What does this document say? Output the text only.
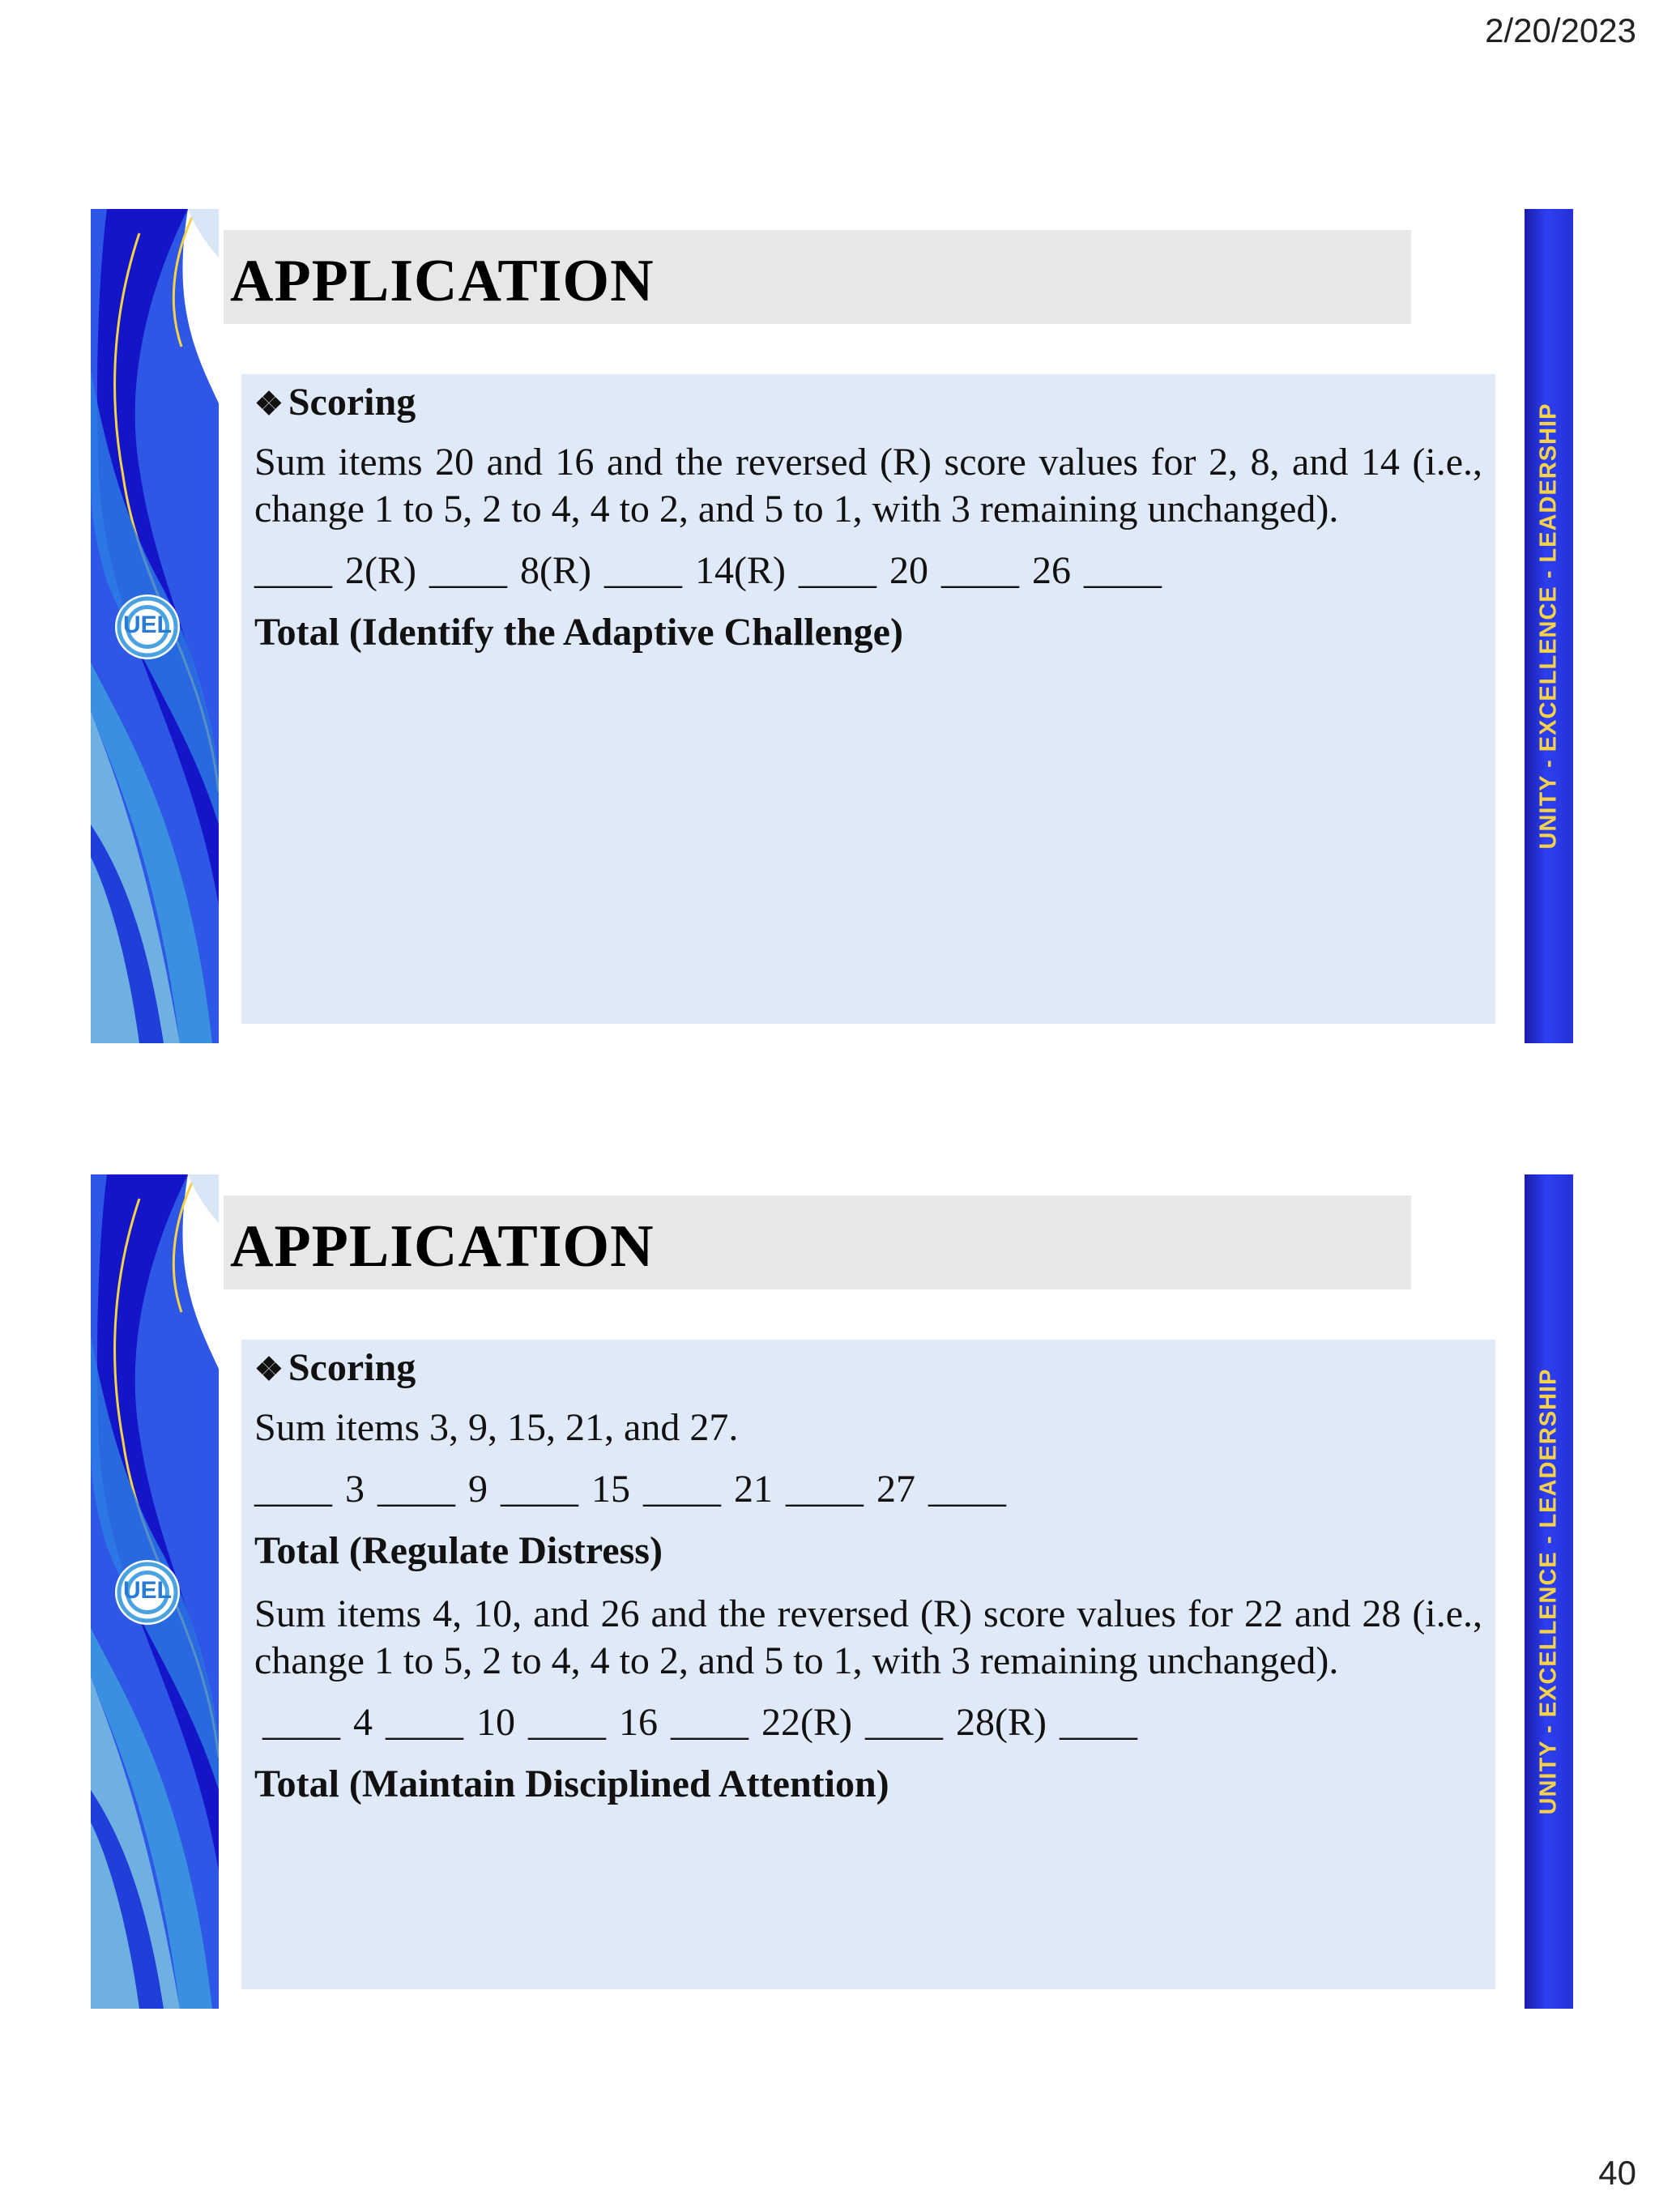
2/20/2023
UEL	UNITY - EXCELLENCE - LEADERSHIP
APPLICATION

❖ Scoring

Sum items 20 and 16 and the reversed (R) score values for 2, 8, and 14 (i.e., change 1 to 5, 2 to 4, 4 to 2, and 5 to 1, with 3 remaining unchanged).

____ 2(R) ____ 8(R) ____ 14(R) ____ 20 ____ 26 ____

Total (Identify the Adaptive Challenge)

UEL	UNITY - EXCELLENCE - LEADERSHIP
APPLICATION

❖ Scoring

Sum items 3, 9, 15, 21, and 27.

____ 3 ____ 9 ____ 15 ____ 21 ____ 27 ____

Total (Regulate Distress)

Sum items 4, 10, and 26 and the reversed (R) score values for 22 and 28 (i.e., change 1 to 5, 2 to 4, 4 to 2, and 5 to 1, with 3 remaining unchanged).

____ 4 ____ 10 ____ 16 ____ 22(R) ____ 28(R) ____

Total (Maintain Disciplined Attention)

40
